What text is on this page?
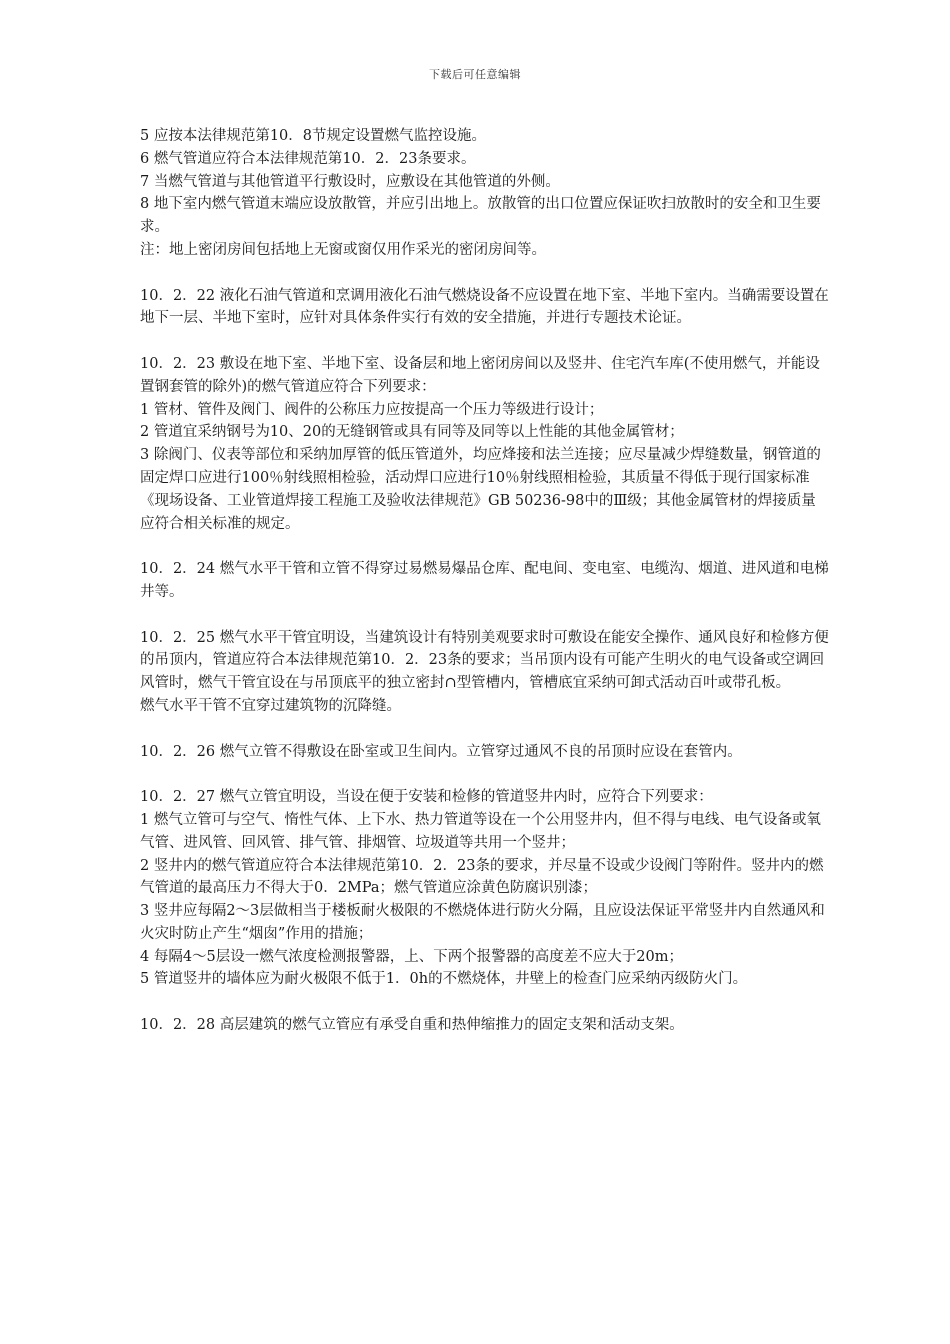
下载后可任意编辑

5 应按本法律规范第10．8节规定设置燃气监控设施。

6 燃气管道应符合本法律规范第10．2．23条要求。

7 当燃气管道与其他管道平行敷设时，应敷设在其他管道的外侧。

8 地下室内燃气管道末端应设放散管，并应引出地上。放散管的出口位置应保证吹扫放散时的安全和卫生要求。

注：地上密闭房间包括地上无窗或窗仅用作采光的密闭房间等。

10．2．22 液化石油气管道和烹调用液化石油气燃烧设备不应设置在地下室、半地下室内。当确需要设置在地下一层、半地下室时，应针对具体条件实行有效的安全措施，并进行专题技术论证。

10．2．23 敷设在地下室、半地下室、设备层和地上密闭房间以及竖井、住宅汽车库(不使用燃气，并能设置钢套管的除外)的燃气管道应符合下列要求：

1 管材、管件及阀门、阀件的公称压力应按提高一个压力等级进行设计；

2 管道宜采纳钢号为10、20的无缝钢管或具有同等及同等以上性能的其他金属管材；

3 除阀门、仪表等部位和采纳加厚管的低压管道外，均应烽接和法兰连接；应尽量减少焊缝数量，钢管道的固定焊口应进行100％射线照相检验，活动焊口应进行10％射线照相检验，其质量不得低于现行国家标准《现场设备、工业管道焊接工程施工及验收法律规范》GB 50236-98中的Ⅲ级；其他金属管材的焊接质量应符合相关标准的规定。

10．2．24 燃气水平干管和立管不得穿过易燃易爆品仓库、配电间、变电室、电缆沟、烟道、进风道和电梯井等。

10．2．25 燃气水平干管宜明设，当建筑设计有特别美观要求时可敷设在能安全操作、通风良好和检修方便的吊顶内，管道应符合本法律规范第10．2．23条的要求；当吊顶内设有可能产生明火的电气设备或空调回风管时，燃气干管宜设在与吊顶底平的独立密封∩型管槽内，管槽底宜采纳可卸式活动百叶或带孔板。

燃气水平干管不宜穿过建筑物的沉降缝。

10．2．26 燃气立管不得敷设在卧室或卫生间内。立管穿过通风不良的吊顶时应设在套管内。

10．2．27 燃气立管宜明设，当设在便于安装和检修的管道竖井内时，应符合下列要求：

1 燃气立管可与空气、惰性气体、上下水、热力管道等设在一个公用竖井内，但不得与电线、电气设备或氧气管、进风管、回风管、排气管、排烟管、垃圾道等共用一个竖井；

2 竖井内的燃气管道应符合本法律规范第10．2．23条的要求，并尽量不设或少设阀门等附件。竖井内的燃气管道的最高压力不得大于0．2MPa；燃气管道应涂黄色防腐识别漆；

3 竖井应每隔2～3层做相当于楼板耐火极限的不燃烧体进行防火分隔，且应设法保证平常竖井内自然通风和火灾时防止产生“烟囱”作用的措施；

4 每隔4～5层设一燃气浓度检测报警器，上、下两个报警器的高度差不应大于20m；

5 管道竖井的墙体应为耐火极限不低于1．0h的不燃烧体，井壁上的检查门应采纳丙级防火门。

10．2．28 高层建筑的燃气立管应有承受自重和热伸缩推力的固定支架和活动支架。
